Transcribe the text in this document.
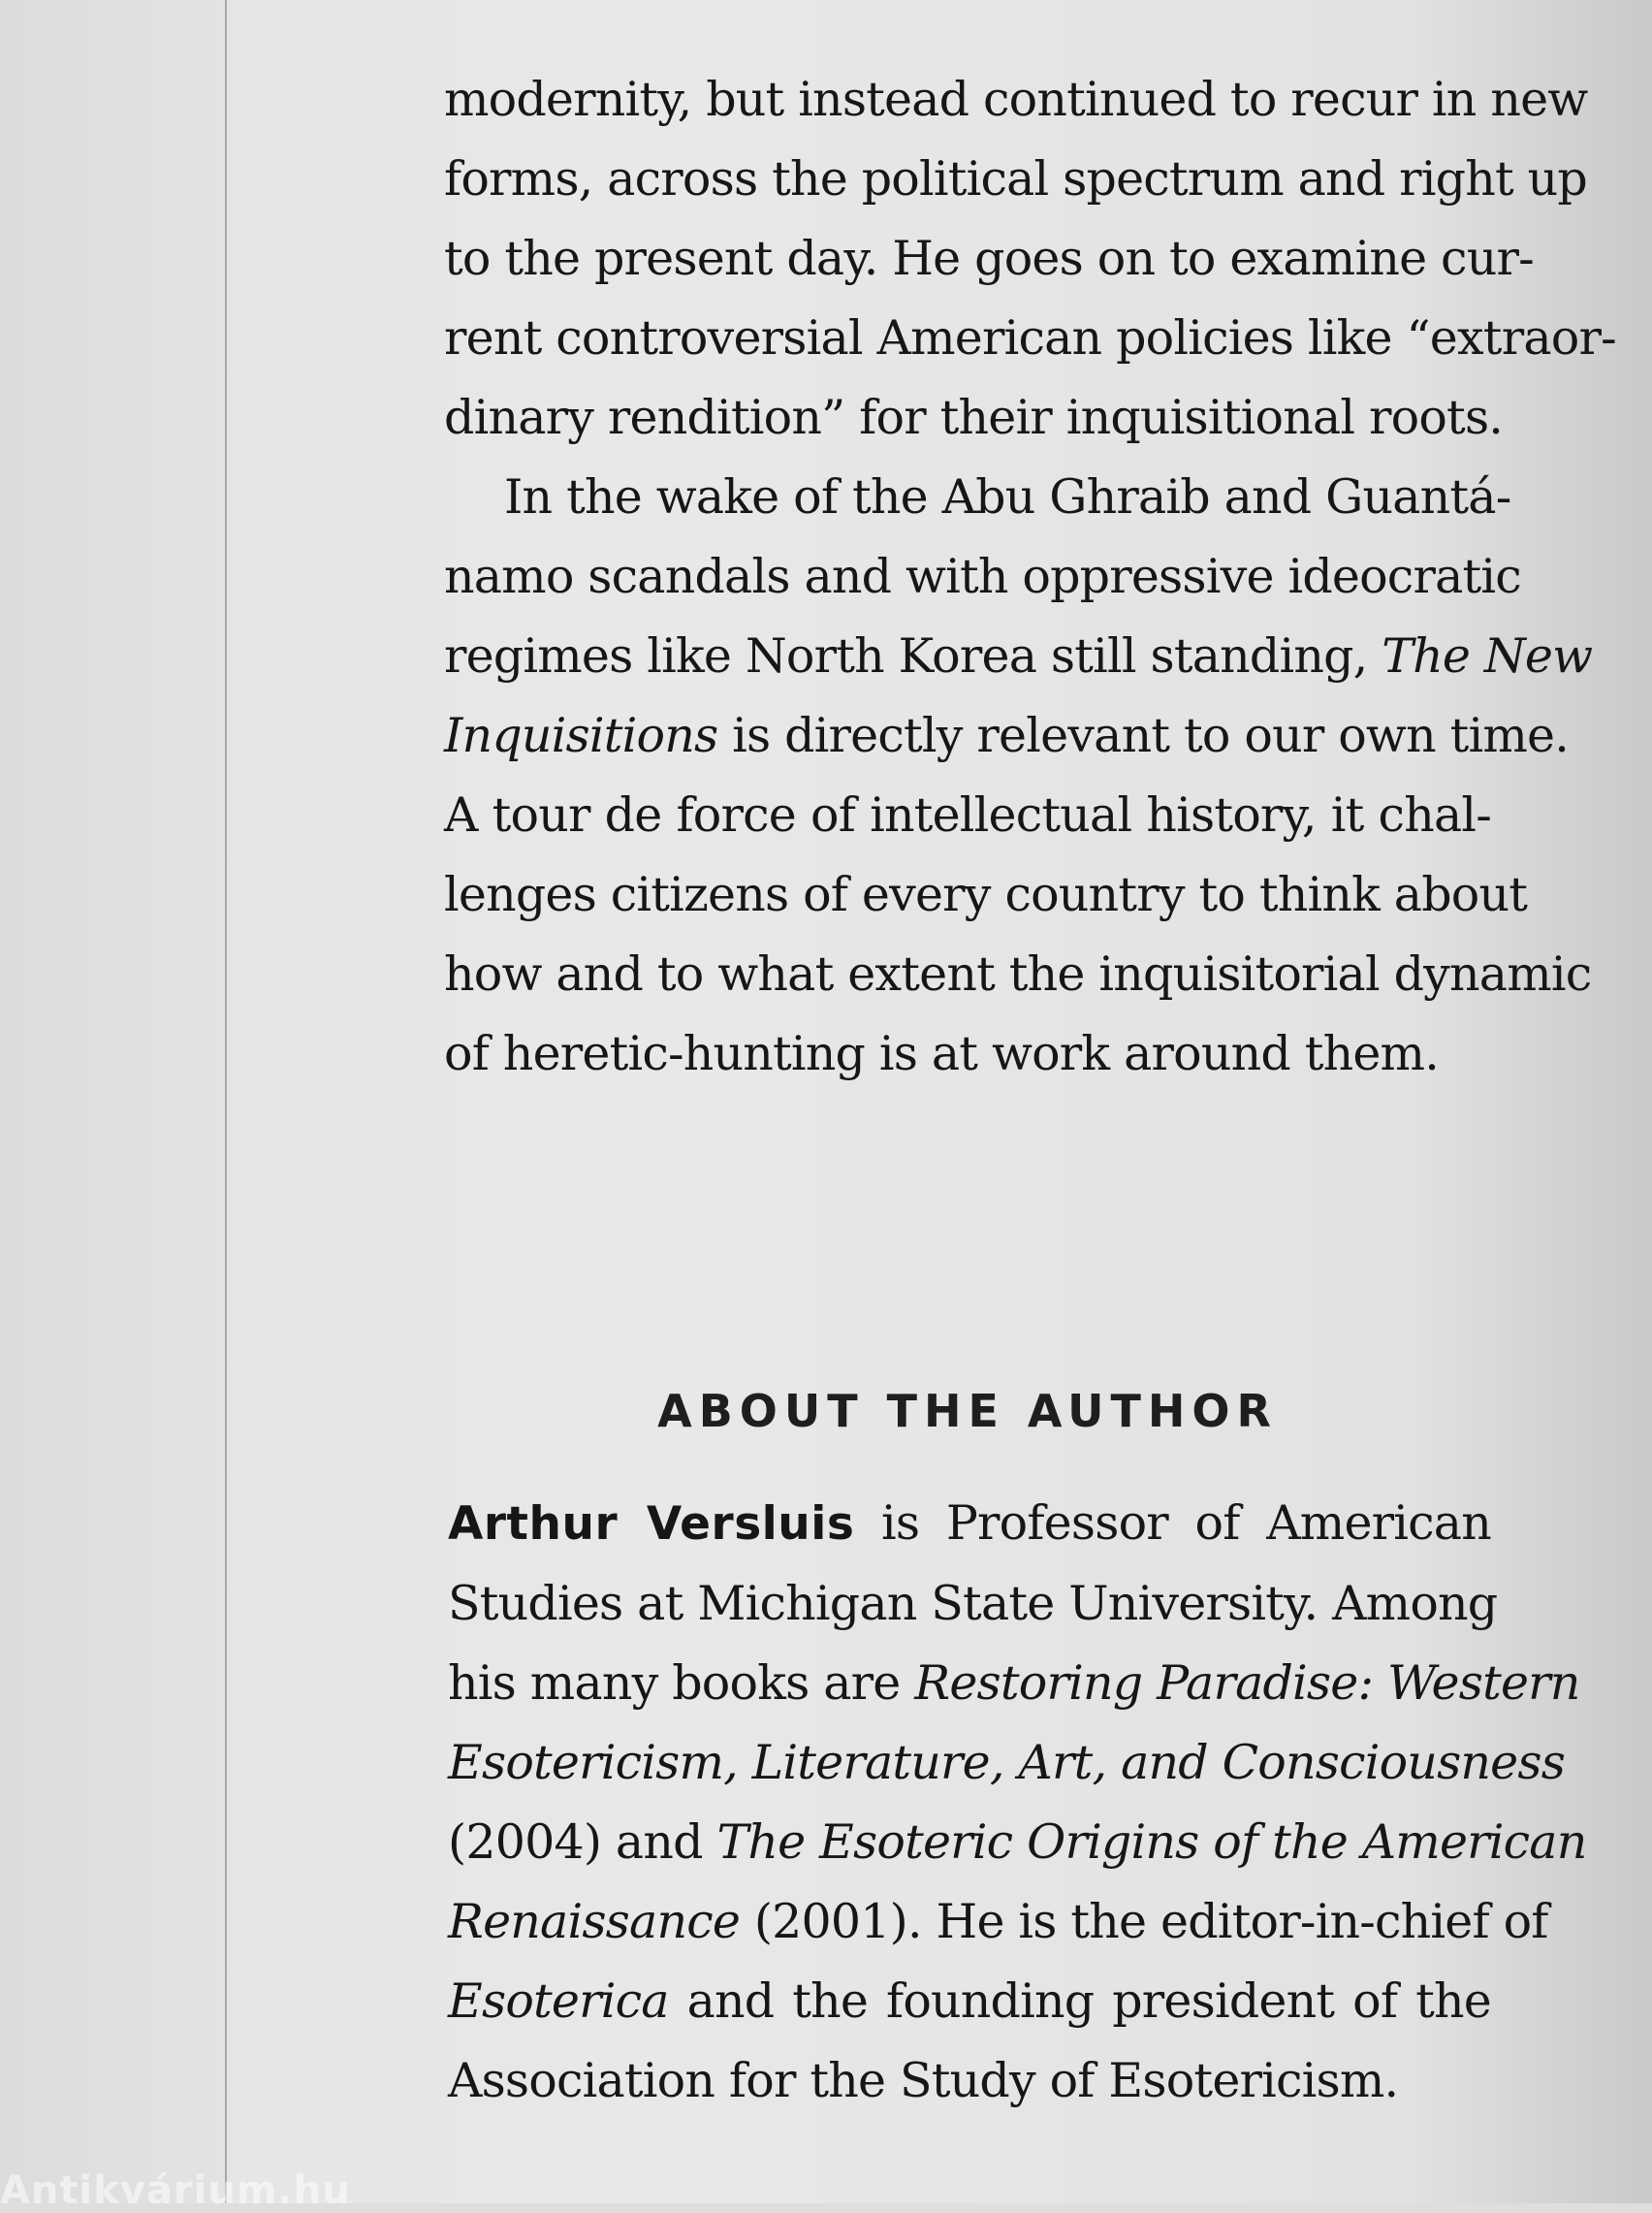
modernity, but instead continued to recur in new
forms, across the political spectrum and right up
to the present day. He goes on to examine cur-
rent controversial American policies like “extraor-
dinary rendition” for their inquisitional roots.

In the wake of the Abu Ghraib and Guantá-
namo scandals and with oppressive ideocratic
regimes like North Korea still standing, The New
Inquisitions is directly relevant to our own time.
A tour de force of intellectual history, it chal-
lenges citizens of every country to think about
how and to what extent the inquisitorial dynamic
of heretic-hunting is at work around them.

ABOUT THE AUTHOR

Arthur Versluis is Professor of American
Studies at Michigan State University. Among
his many books are Restoring Paradise: Western
Esotericism, Literature, Art, and Consciousness
(2004) and The Esoteric Origins of the American
Renaissance (2001). He is the editor-in-chief of
Esoterica and the founding president of the
Association for the Study of Esotericism.

Antikvárium.hu
